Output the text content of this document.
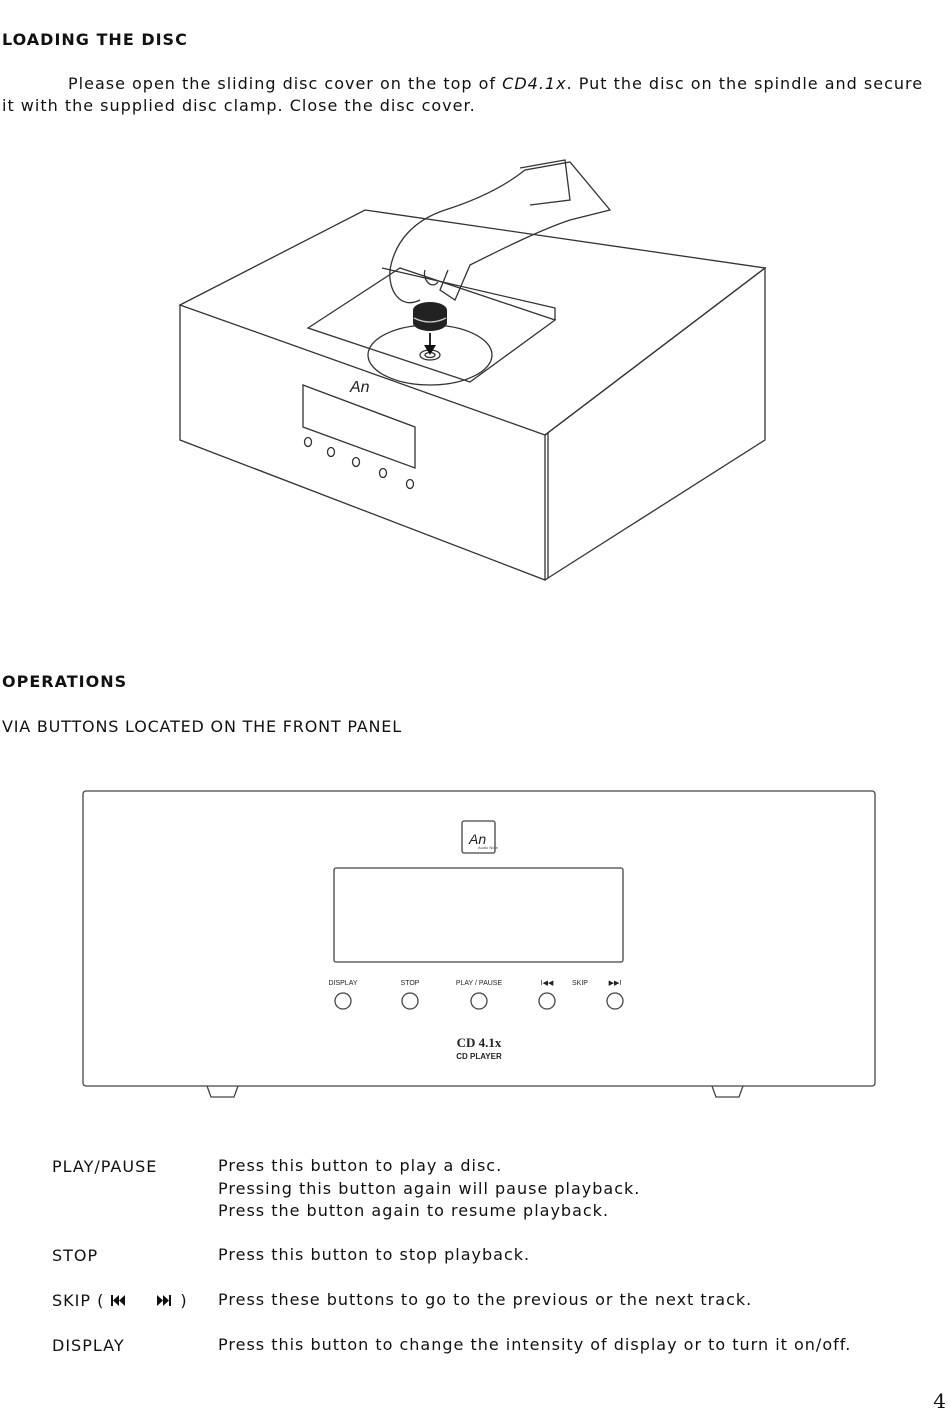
LOADING THE DISC
Please open the sliding disc cover on the top of CD4.1x. Put the disc on the spindle and secure it with the supplied disc clamp. Close the disc cover.
An
OPERATIONS
VIA BUTTONS LOCATED ON THE FRONT PANEL
An
Audio Note
DISPLAY	STOP	PLAY / PAUSE	I◀◀	SKIP	▶▶I
CD 4.1x
CD PLAYER
PLAY/PAUSE	Press this button to play a disc.
Pressing this button again will pause playback.
Press the button again to resume playback.
STOP	Press this button to stop playback.
SKIP (	) Press these buttons to go to the previous or the next track.
DISPLAY	Press this button to change the intensity of display or to turn it on/off.
4
